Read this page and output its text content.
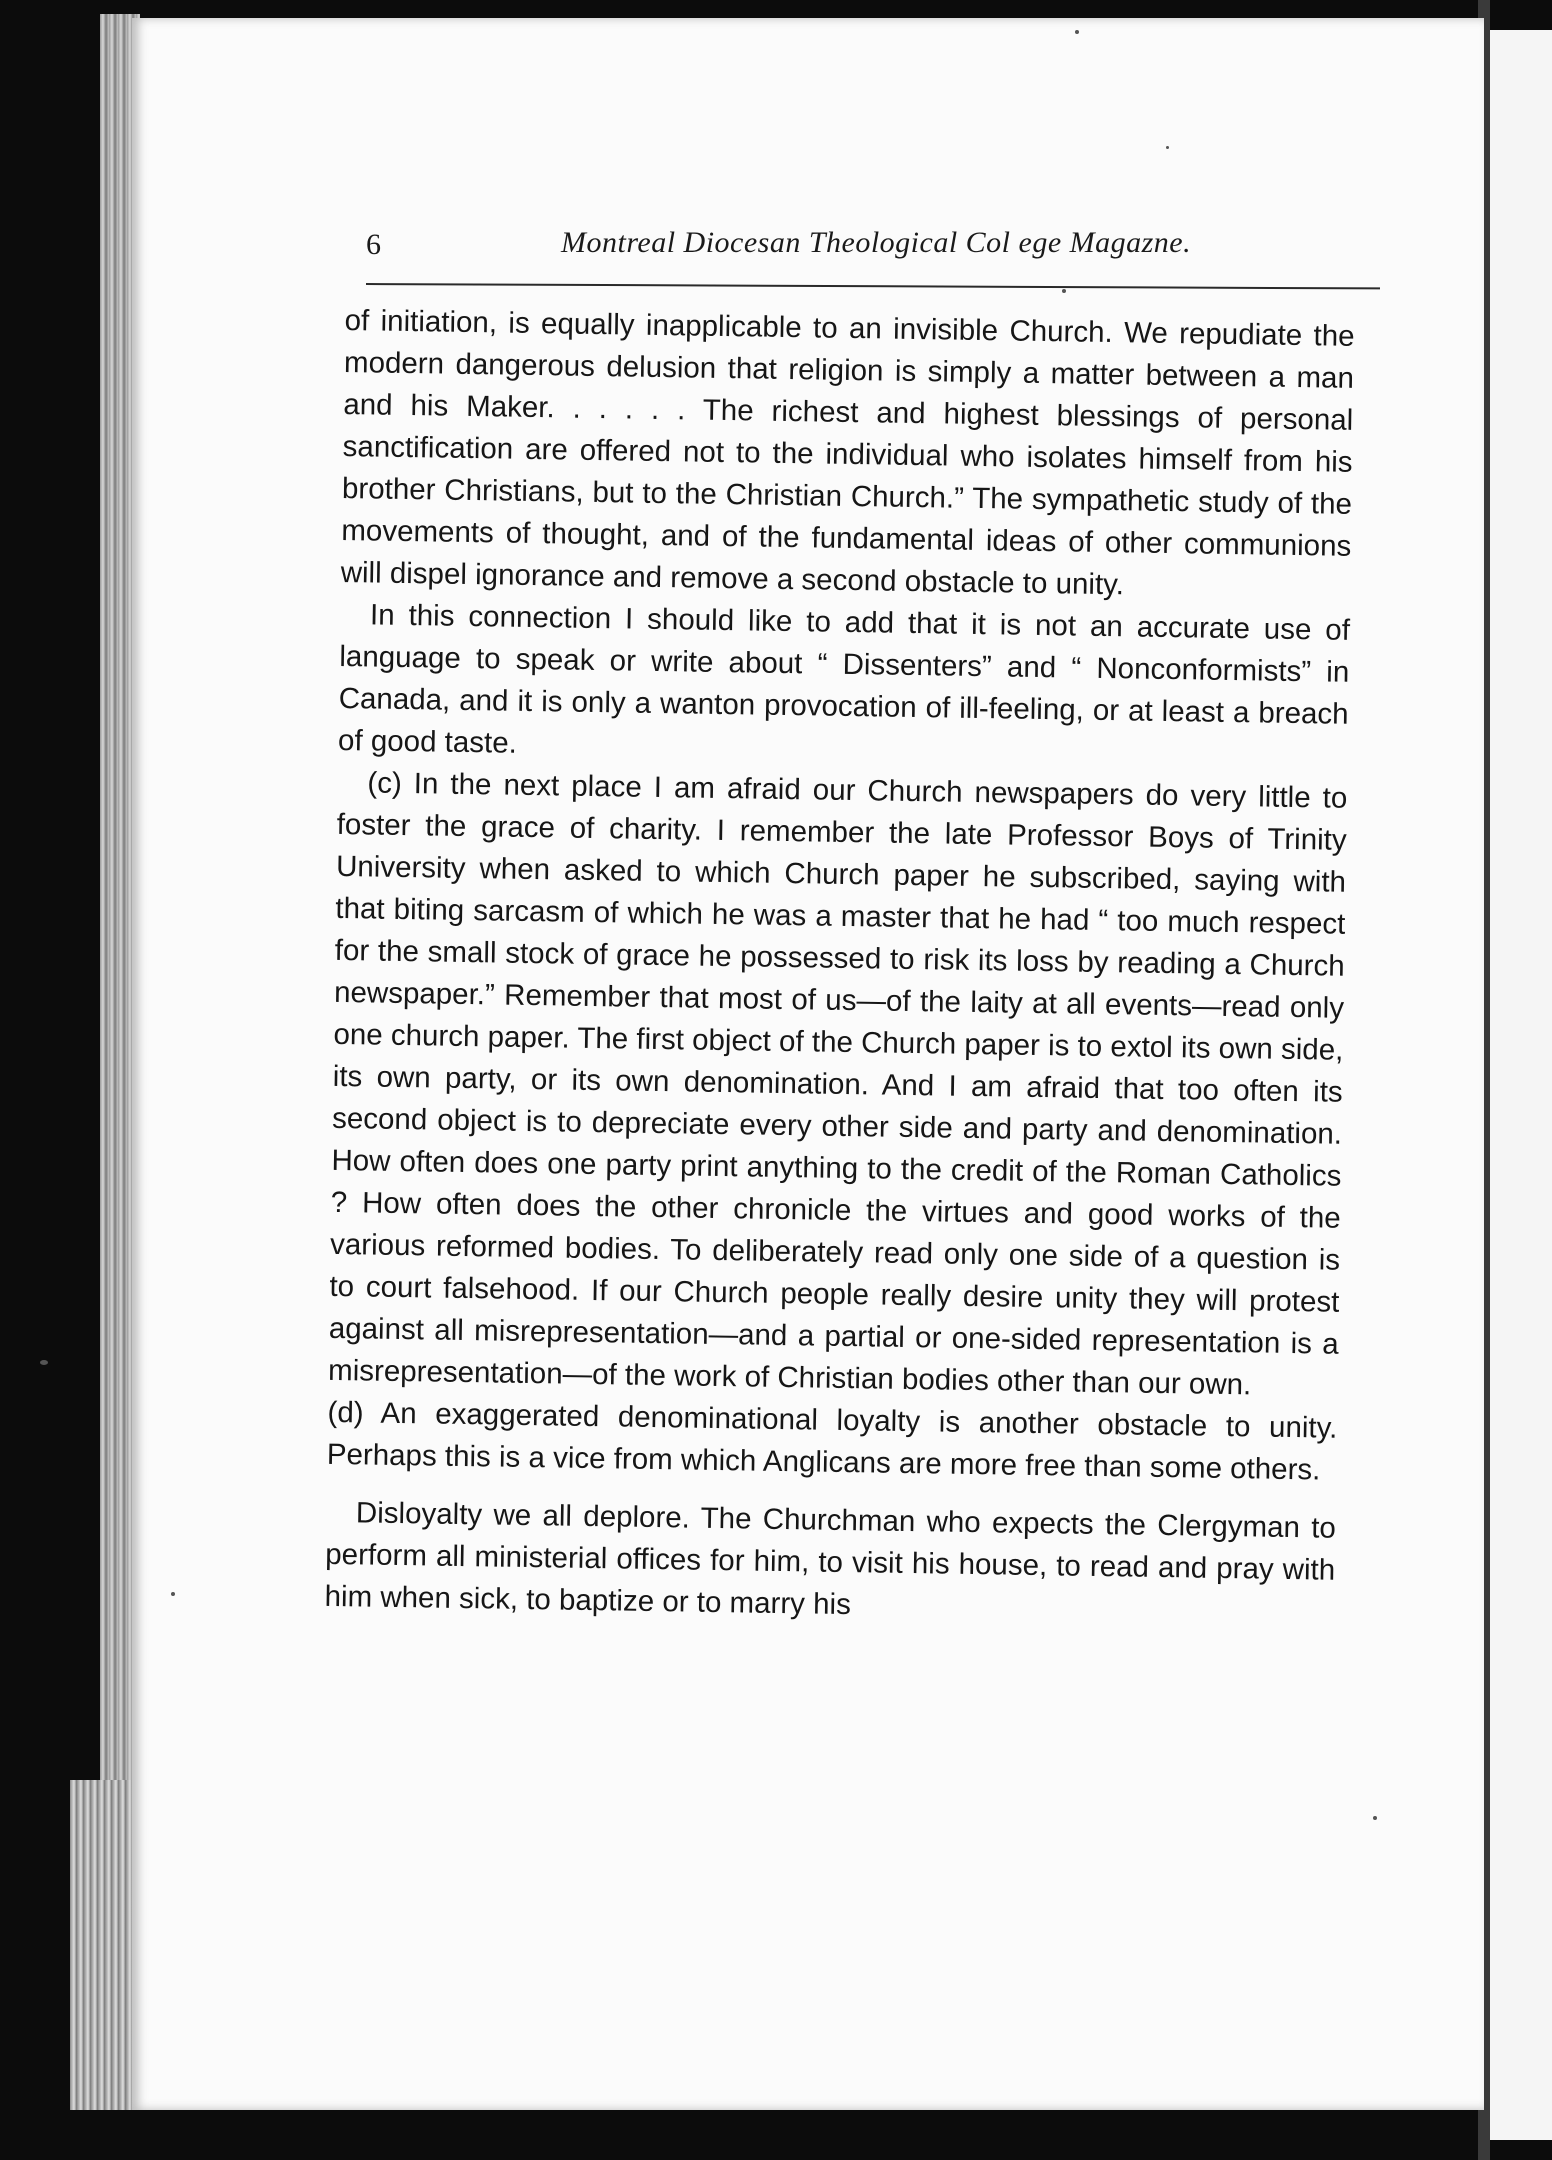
6	Montreal Diocesan Theological Col ege Magazne.

of initiation, is equally inapplicable to an invisible Church. We repudiate the modern dangerous delusion that religion is simply a matter between a man and his Maker. . . . . . The richest and highest blessings of personal sanctification are offered not to the individual who isolates himself from his brother Christians, but to the Christian Church.” The sympathetic study of the movements of thought, and of the fundamental ideas of other communions will dispel ignorance and remove a second obstacle to unity.

In this connection I should like to add that it is not an accurate use of language to speak or write about “ Dissenters” and “ Nonconformists” in Canada, and it is only a wanton provocation of ill-feeling, or at least a breach of good taste.

(c) In the next place I am afraid our Church newspapers do very little to foster the grace of charity. I remember the late Professor Boys of Trinity University when asked to which Church paper he subscribed, saying with that biting sarcasm of which he was a master that he had “ too much respect for the small stock of grace he possessed to risk its loss by reading a Church newspaper.” Remember that most of us—of the laity at all events—read only one church paper. The first object of the Church paper is to extol its own side, its own party, or its own denomination. And I am afraid that too often its second object is to depreciate every other side and party and denomination. How often does one party print anything to the credit of the Roman Catholics ? How often does the other chronicle the virtues and good works of the various reformed bodies. To deliberately read only one side of a question is to court falsehood. If our Church people really desire unity they will protest against all misrepresentation—and a partial or one-sided representation is a misrepresentation—of the work of Christian bodies other than our own.

(d) An exaggerated denominational loyalty is another obstacle to unity. Perhaps this is a vice from which Anglicans are more free than some others.

Disloyalty we all deplore. The Churchman who expects the Clergyman to perform all ministerial offices for him, to visit his house, to read and pray with him when sick, to baptize or to marry his
